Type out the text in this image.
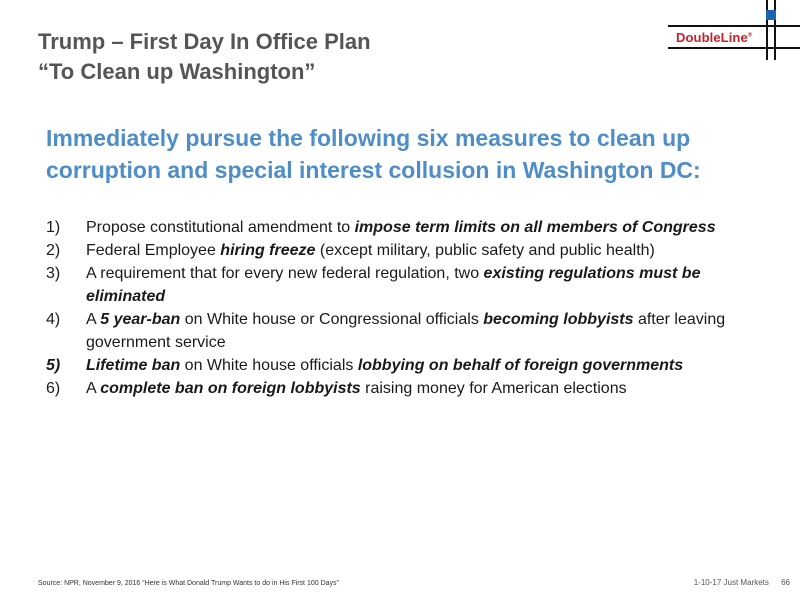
Trump – First Day In Office Plan
“To Clean up Washington”
DoubleLine®
Immediately pursue the following six measures to clean up corruption and special interest collusion in Washington DC:
1)	Propose constitutional amendment to impose term limits on all members of Congress
2)	Federal Employee hiring freeze (except military, public safety and public health)
3)	A requirement that for every new federal regulation, two existing regulations must be eliminated
4)	A 5 year-ban on White house or Congressional officials becoming lobbyists after leaving government service
5)	Lifetime ban on White house officials lobbying on behalf of foreign governments
6)	A complete ban on foreign lobbyists raising money for American elections
Source: NPR, November 9, 2016 “Here is What Donald Trump Wants to do in His First 100 Days”	1-10-17 Just Markets 66
